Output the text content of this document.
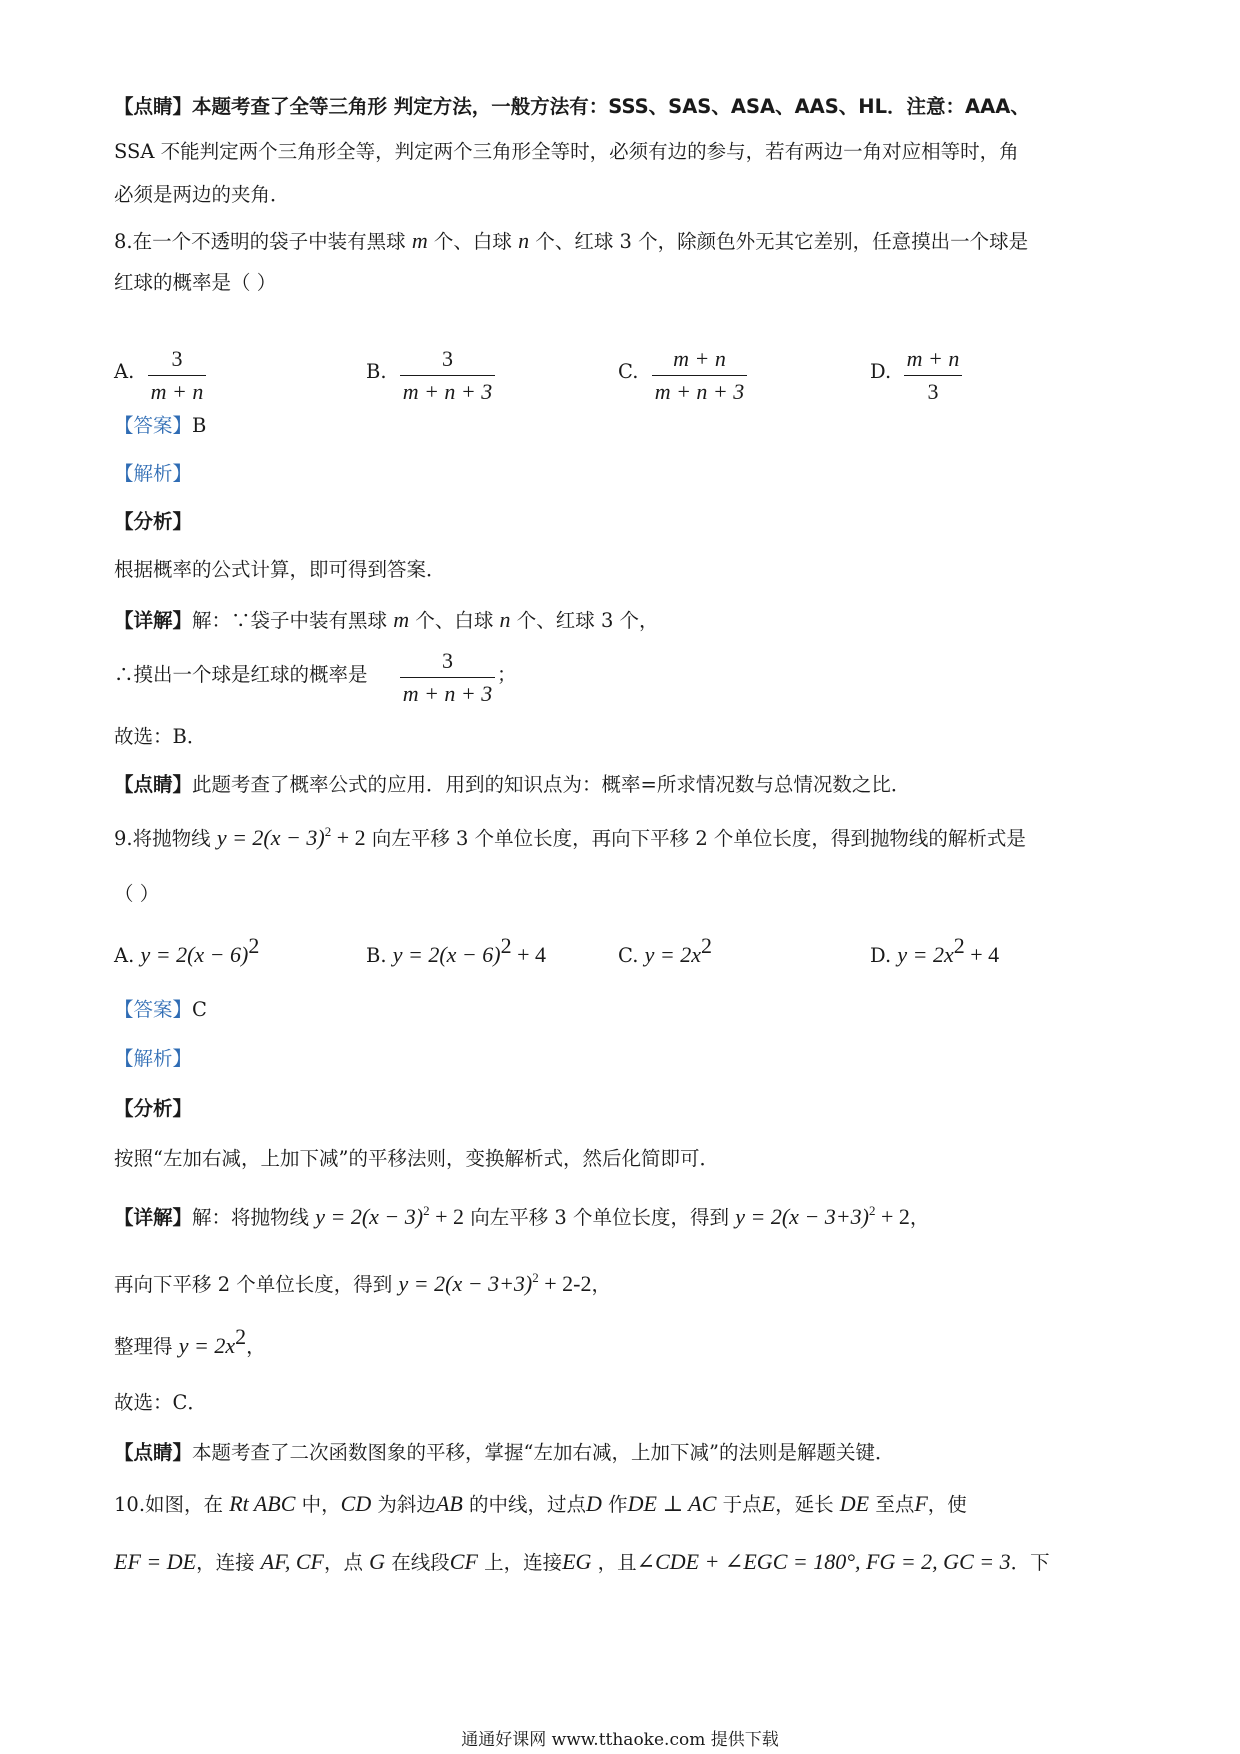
【点睛】本题考查了全等三角形 判定方法，一般方法有：SSS、SAS、ASA、AAS、HL．注意：AAA、
SSA 不能判定两个三角形全等，判定两个三角形全等时，必须有边的参与，若有两边一角对应相等时，角
必须是两边的夹角．
8.在一个不透明的袋子中装有黑球 m 个、白球 n 个、红球 3 个，除颜色外无其它差别，任意摸出一个球是
红球的概率是（ ）
A.
3
m + n
B.
3
m + n + 3
C.
m + n
m + n + 3
D.
m + n
3
【答案】B
【解析】
【分析】
根据概率的公式计算，即可得到答案．
【详解】解：∵袋子中装有黑球 m 个、白球 n 个、红球 3 个，
∴摸出一个球是红球的概率是
3
m + n + 3
；
故选：B．
【点睛】此题考查了概率公式的应用．用到的知识点为：概率=所求情况数与总情况数之比．
9.将抛物线 $y = 2(x - 3)^2 + 2$ 向左平移 3 个单位长度，再向下平移 2 个单位长度，得到抛物线的解析式是
（ ）
A. $y = 2(x - 6)^2$	B. $y = 2(x - 6)^2 + 4$	C. $y = 2x^2$	D. $y = 2x^2 + 4$
【答案】C
【解析】
【分析】
按照“左加右减，上加下减”的平移法则，变换解析式，然后化简即可．
【详解】解：将抛物线 $y = 2(x - 3)^2 + 2$ 向左平移 3 个单位长度，得到 $y = 2(x - 3+3)^2 + 2$，
再向下平移 2 个单位长度，得到 $y = 2(x - 3+3)^2 + 2-2$，
整理得 $y = 2x^2$，
故选：C．
【点睛】本题考查了二次函数图象的平移，掌握“左加右减，上加下减”的法则是解题关键．
10.如图，在 Rt ABC 中，CD 为斜边AB 的中线，过点D 作DE ⊥ AC 于点E，延长 DE 至点F，使
EF = DE，连接 AF, CF，点 G 在线段CF 上，连接EG ，且∠CDE + ∠EGC = 180°, FG = 2, GC = 3．下
通通好课网 www.tthaoke.com 提供下载
